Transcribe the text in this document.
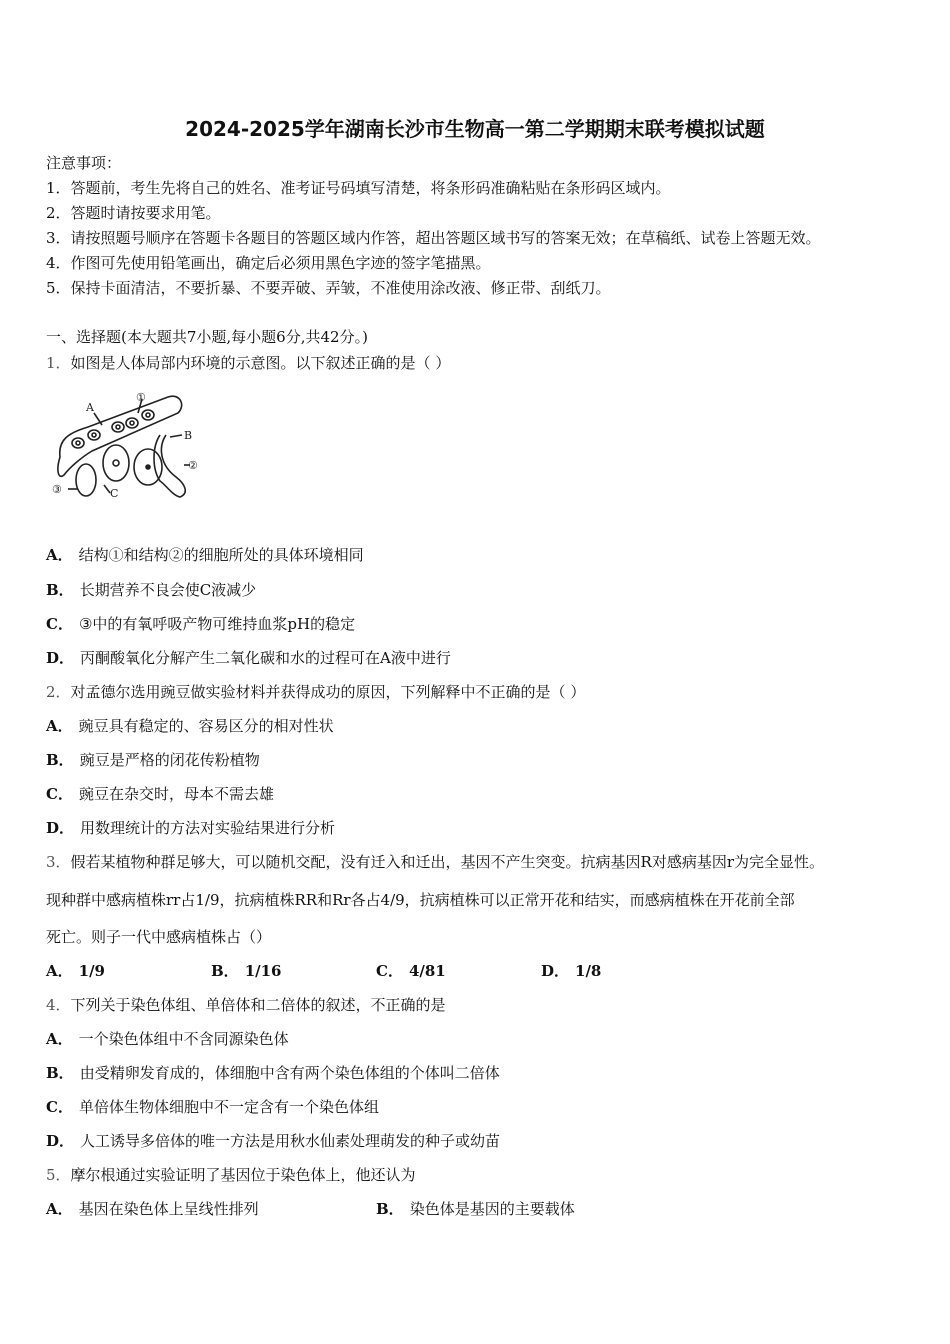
2024-2025学年湖南长沙市生物高一第二学期期末联考模拟试题
注意事项：
1．答题前，考生先将自己的姓名、准考证号码填写清楚，将条形码准确粘贴在条形码区域内。
2．答题时请按要求用笔。
3．请按照题号顺序在答题卡各题目的答题区域内作答，超出答题区域书写的答案无效；在草稿纸、试卷上答题无效。
4．作图可先使用铅笔画出，确定后必须用黑色字迹的签字笔描黑。
5．保持卡面清洁，不要折暴、不要弄破、弄皱，不准使用涂改液、修正带、刮纸刀。
一、选择题(本大题共7小题,每小题6分,共42分。)
1．如图是人体局部内环境的示意图。以下叙述正确的是（ ）
A
B
C
①
②
③
A． 结构①和结构②的细胞所处的具体环境相同
B． 长期营养不良会使C液减少
C． ③中的有氧呼吸产物可维持血浆pH的稳定
D． 丙酮酸氧化分解产生二氧化碳和水的过程可在A液中进行
2．对孟德尔选用豌豆做实验材料并获得成功的原因，下列解释中不正确的是（ ）
A． 豌豆具有稳定的、容易区分的相对性状
B． 豌豆是严格的闭花传粉植物
C． 豌豆在杂交时，母本不需去雄
D． 用数理统计的方法对实验结果进行分析
3．假若某植物种群足够大，可以随机交配，没有迁入和迁出，基因不产生突变。抗病基因R对感病基因r为完全显性。
现种群中感病植株rr占1/9，抗病植株RR和Rr各占4/9，抗病植株可以正常开花和结实，而感病植株在开花前全部
死亡。则子一代中感病植株占（）
A． 1/9	B． 1/16	C． 4/81	D． 1/8
4．下列关于染色体组、单倍体和二倍体的叙述，不正确的是
A． 一个染色体组中不含同源染色体
B． 由受精卵发育成的，体细胞中含有两个染色体组的个体叫二倍体
C． 单倍体生物体细胞中不一定含有一个染色体组
D． 人工诱导多倍体的唯一方法是用秋水仙素处理萌发的种子或幼苗
5．摩尔根通过实验证明了基因位于染色体上，他还认为
A． 基因在染色体上呈线性排列	B． 染色体是基因的主要载体
